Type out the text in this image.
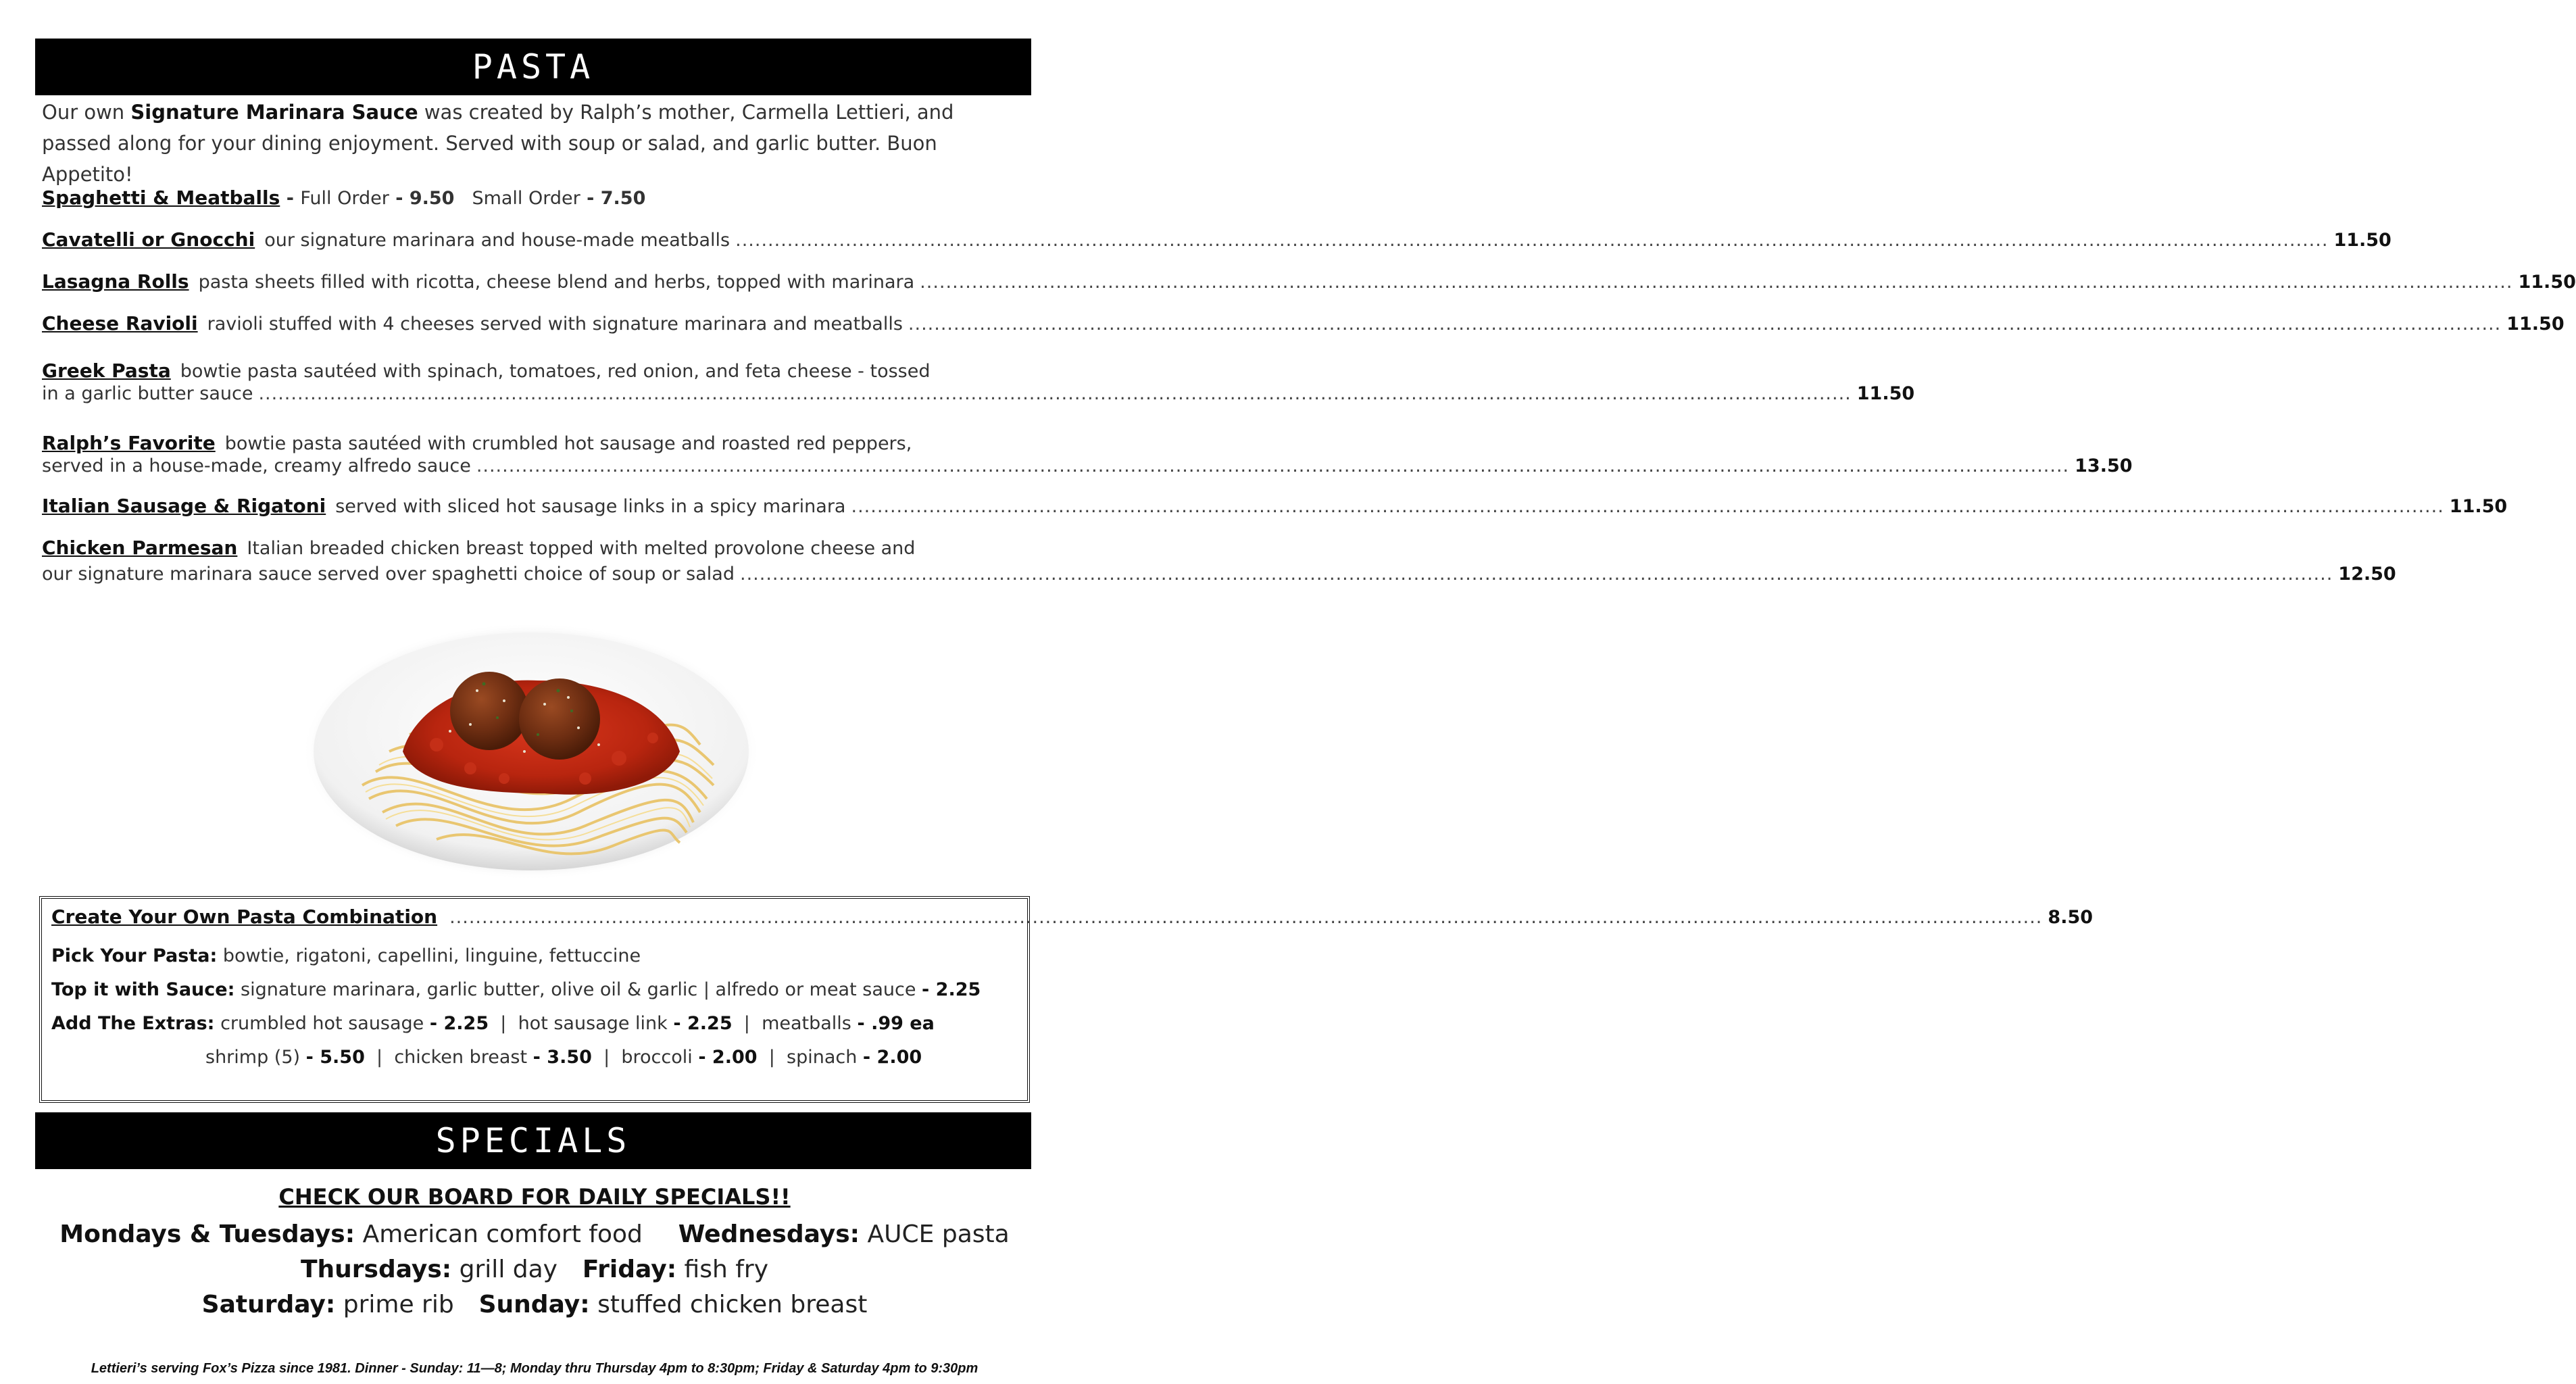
PASTA
Our own Signature Marinara Sauce was created by Ralph’s mother, Carmella Lettieri, and passed along for your dining enjoyment. Served with soup or salad, and garlic butter. Buon Appetito!
Spaghetti & Meatballs - Full Order - 9.50 Small Order - 7.50
Cavatelli or Gnocchi our signature marinara and house-made meatballs .....	11.50
Lasagna Rolls pasta sheets filled with ricotta, cheese blend and herbs, topped with marinara .....	11.50
Cheese Ravioli ravioli stuffed with 4 cheeses served with signature marinara and meatballs .....	11.50
Greek Pasta bowtie pasta sautéed with spinach, tomatoes, red onion, and feta cheese - tossed
in a garlic butter sauce .....	11.50
Ralph’s Favorite bowtie pasta sautéed with crumbled hot sausage and roasted red peppers,
served in a house-made, creamy alfredo sauce .....	13.50
Italian Sausage & Rigatoni served with sliced hot sausage links in a spicy marinara .....	11.50
Chicken Parmesan Italian breaded chicken breast topped with melted provolone cheese and
our signature marinara sauce served over spaghetti choice of soup or salad .....	12.50
Create Your Own Pasta Combination .....	8.50
Pick Your Pasta: bowtie, rigatoni, capellini, linguine, fettuccine
Top it with Sauce: signature marinara, garlic butter, olive oil & garlic | alfredo or meat sauce - 2.25
Add The Extras: crumbled hot sausage - 2.25  |  hot sausage link - 2.25  |  meatballs - .99 ea
shrimp (5) - 5.50  |  chicken breast - 3.50  |  broccoli - 2.00  |  spinach - 2.00
SPECIALS
CHECK OUR BOARD FOR DAILY SPECIALS!!
Mondays & Tuesdays: American comfort food Wednesdays: AUCE pasta
Thursdays: grill day Friday: fish fry
Saturday: prime rib Sunday: stuffed chicken breast
Lettieri’s serving Fox’s Pizza since 1981. Dinner - Sunday: 11—8; Monday thru Thursday 4pm to 8:30pm; Friday & Saturday 4pm to 9:30pm
